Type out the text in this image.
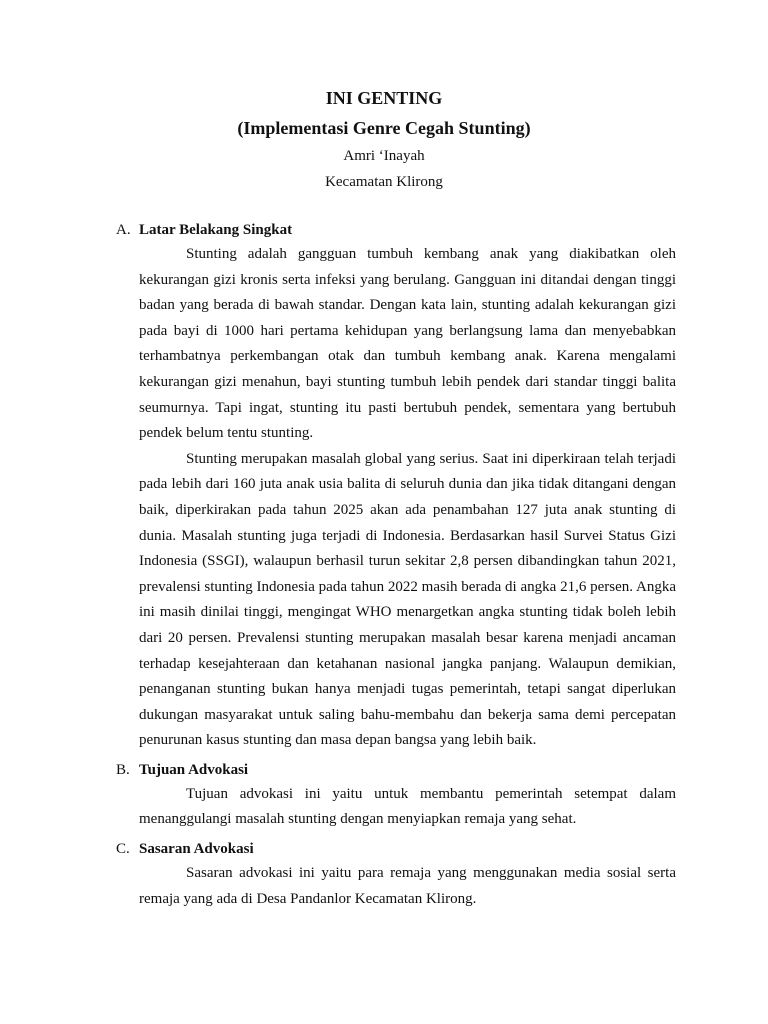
INI GENTING
(Implementasi Genre Cegah Stunting)
Amri ‘Inayah
Kecamatan Klirong
A. Latar Belakang Singkat

Stunting adalah gangguan tumbuh kembang anak yang diakibatkan oleh kekurangan gizi kronis serta infeksi yang berulang. Gangguan ini ditandai dengan tinggi badan yang berada di bawah standar. Dengan kata lain, stunting adalah kekurangan gizi pada bayi di 1000 hari pertama kehidupan yang berlangsung lama dan menyebabkan terhambatnya perkembangan otak dan tumbuh kembang anak. Karena mengalami kekurangan gizi menahun, bayi stunting tumbuh lebih pendek dari standar tinggi balita seumurnya. Tapi ingat, stunting itu pasti bertubuh pendek, sementara yang bertubuh pendek belum tentu stunting.

Stunting merupakan masalah global yang serius. Saat ini diperkiraan telah terjadi pada lebih dari 160 juta anak usia balita di seluruh dunia dan jika tidak ditangani dengan baik, diperkirakan pada tahun 2025 akan ada penambahan 127 juta anak stunting di dunia. Masalah stunting juga terjadi di Indonesia. Berdasarkan hasil Survei Status Gizi Indonesia (SSGI), walaupun berhasil turun sekitar 2,8 persen dibandingkan tahun 2021, prevalensi stunting Indonesia pada tahun 2022 masih berada di angka 21,6 persen. Angka ini masih dinilai tinggi, mengingat WHO menargetkan angka stunting tidak boleh lebih dari 20 persen. Prevalensi stunting merupakan masalah besar karena menjadi ancaman terhadap kesejahteraan dan ketahanan nasional jangka panjang. Walaupun demikian, penanganan stunting bukan hanya menjadi tugas pemerintah, tetapi sangat diperlukan dukungan masyarakat untuk saling bahu-membahu dan bekerja sama demi percepatan penurunan kasus stunting dan masa depan bangsa yang lebih baik.

B. Tujuan Advokasi

Tujuan advokasi ini yaitu untuk membantu pemerintah setempat dalam menanggulangi masalah stunting dengan menyiapkan remaja yang sehat.

C. Sasaran Advokasi

Sasaran advokasi ini yaitu para remaja yang menggunakan media sosial serta remaja yang ada di Desa Pandanlor Kecamatan Klirong.
